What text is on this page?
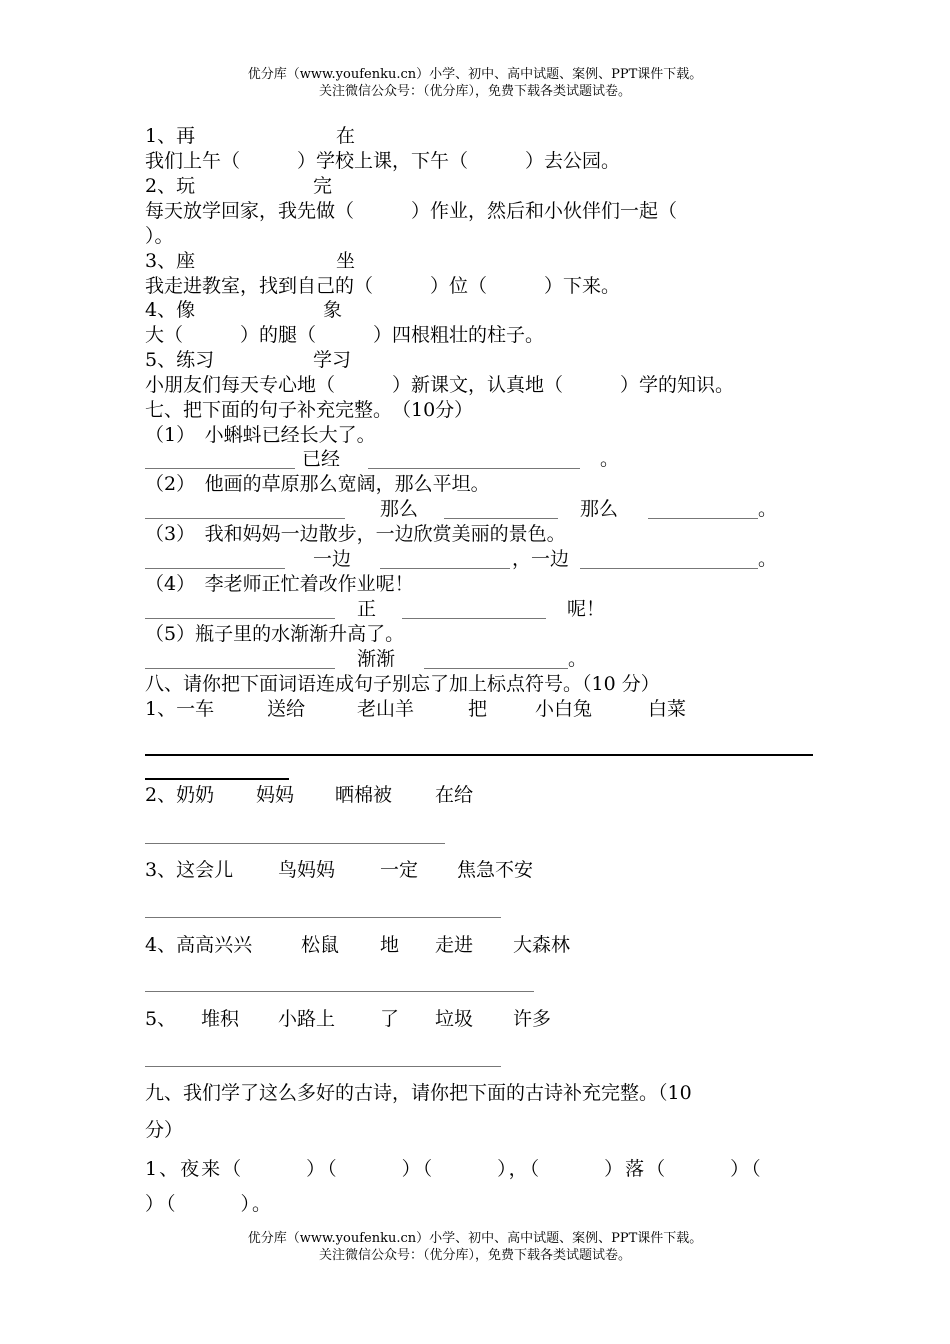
优分库（www.youfenku.cn）小学、初中、高中试题、案例、PPT课件下载。
关注微信公众号：（优分库），免费下载各类试题试卷。
1、再	在
我们上午（　　　）学校上课，下午（　　　）去公园。
2、玩	完
每天放学回家，我先做（　　　）作业，然后和小伙伴们一起（
）。
3、座	坐
我走进教室，找到自己的（　　　）位（　　　）下来。
4、像	象
大（　　　）的腿（　　　）四根粗壮的柱子。
5、练习	学习
小朋友们每天专心地（　　　）新课文，认真地（　　　）学的知识。
七、把下面的句子补充完整。　（10分）
（1）　小蝌蚪已经长大了。
已经	。
（2）　他画的草原那么宽阔，那么平坦。
那么	那么	。
（3）　我和妈妈一边散步，一边欣赏美丽的景色。
一边	，一边	。
（4）　李老师正忙着改作业呢！
正	呢！
（5）瓶子里的水渐渐升高了。
渐渐	。
八、请你把下面词语连成句子别忘了加上标点符号。（10 分）
1、一车	送给	老山羊	把	小白兔	白菜
2、奶奶 妈妈 晒棉被 在给
3、这会儿 鸟妈妈 一定 焦急不安
4、高高兴兴	松鼠 地 走进 大森林
5、 堆积 小路上 了 垃圾 许多
九、我们学了这么多好的古诗，请你把下面的古诗补充完整。（10
分）
1、夜来（　　　）（　　　）（　　　），（　　　）落（　　　）（
）（　　　）。
优分库（www.youfenku.cn）小学、初中、高中试题、案例、PPT课件下载。
关注微信公众号：（优分库），免费下载各类试题试卷。
